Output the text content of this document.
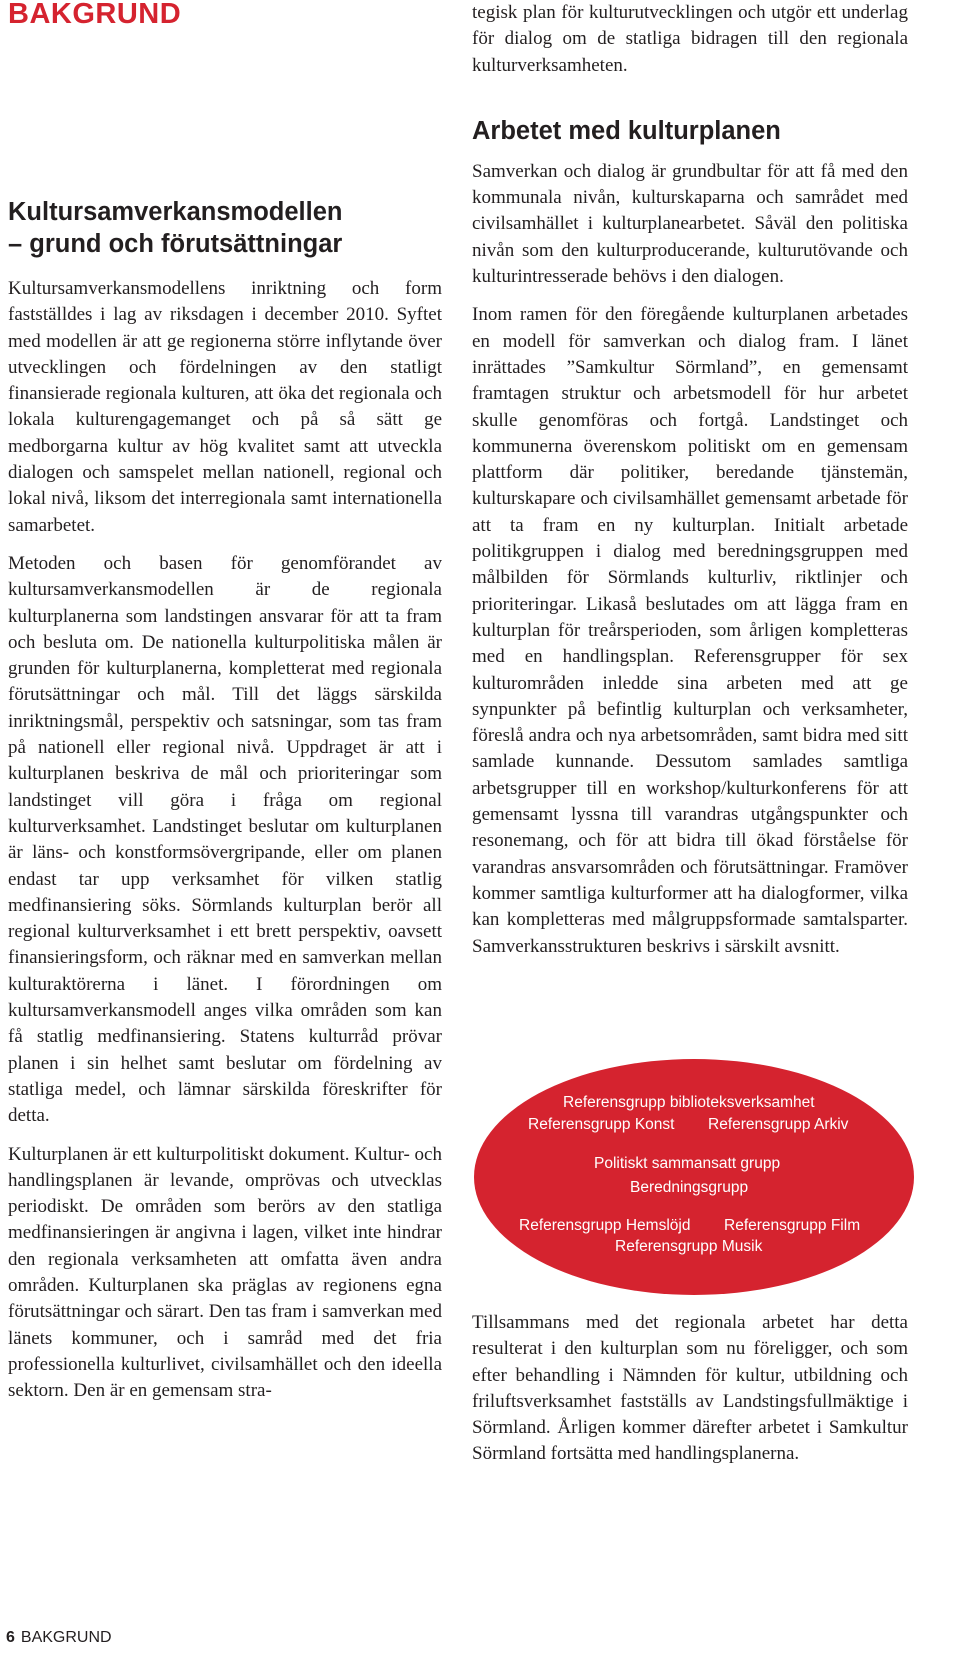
BAKGRUND
Kultursamverkansmodellen
– grund och förutsättningar

Kultursamverkansmodellens inriktning och form fastställdes i lag av riksdagen i december 2010. Syftet med modellen är att ge regionerna större inflytande över utvecklingen och fördelningen av den statligt finansierade regionala kulturen, att öka det regionala och lokala kulturengagemanget och på så sätt ge medborgarna kultur av hög kvalitet samt att utveckla dialogen och samspelet mellan nationell, regional och lokal nivå, liksom det interregionala samt internationella samarbetet.

Metoden och basen för genomförandet av kultursamverkansmodellen är de regionala kulturplanerna som landstingen ansvarar för att ta fram och besluta om. De nationella kulturpolitiska målen är grunden för kulturplanerna, kompletterat med regionala förutsättningar och mål. Till det läggs särskilda inriktningsmål, perspektiv och satsningar, som tas fram på nationell eller regional nivå. Uppdraget är att i kulturplanen beskriva de mål och prioriteringar som landstinget vill göra i fråga om regional kulturverksamhet. Landstinget beslutar om kulturplanen är läns- och konstformsövergripande, eller om planen endast tar upp verksamhet för vilken statlig medfinansiering söks. Sörmlands kulturplan berör all regional kulturverksamhet i ett brett perspektiv, oavsett finansieringsform, och räknar med en samverkan mellan kulturaktörerna i länet. I förordningen om kultursamverkansmodell anges vilka områden som kan få statlig medfinansiering. Statens kulturråd prövar planen i sin helhet samt beslutar om fördelning av statliga medel, och lämnar särskilda föreskrifter för detta.

Kulturplanen är ett kulturpolitiskt dokument. Kultur- och handlingsplanen är levande, omprövas och utvecklas periodiskt. De områden som berörs av den statliga medfinansieringen är angivna i lagen, vilket inte hindrar den regionala verksamheten att omfatta även andra områden. Kulturplanen ska präglas av regionens egna förutsättningar och särart. Den tas fram i samverkan med länets kommuner, och i samråd med det fria professionella kulturlivet, civilsamhället och den ideella sektorn. Den är en gemensam stra-

tegisk plan för kulturutvecklingen och utgör ett underlag för dialog om de statliga bidragen till den regionala kulturverksamheten.

Arbetet med kulturplanen

Samverkan och dialog är grundbultar för att få med den kommunala nivån, kulturskaparna och samrådet med civilsamhället i kulturplanearbetet. Såväl den politiska nivån som den kulturproducerande, kulturutövande och kulturintresserade behövs i den dialogen.

Inom ramen för den föregående kulturplanen arbetades en modell för samverkan och dialog fram. I länet inrättades ”Samkultur Sörmland”, en gemensamt framtagen struktur och arbetsmodell för hur arbetet skulle genomföras och fortgå. Landstinget och kommunerna överenskom politiskt om en gemensam plattform där politiker, beredande tjänstemän, kulturskapare och civilsamhället gemensamt arbetade för att ta fram en ny kulturplan. Initialt arbetade politikgruppen i dialog med beredningsgruppen med målbilden för Sörmlands kulturliv, riktlinjer och prioriteringar. Likaså beslutades om att lägga fram en kulturplan för treårsperioden, som årligen kompletteras med en handlingsplan. Referensgrupper för sex kulturområden inledde sina arbeten med att ge synpunkter på befintlig kulturplan och verksamheter, föreslå andra och nya arbetsområden, samt bidra med sitt samlade kunnande. Dessutom samlades samtliga arbetsgrupper till en workshop/kulturkonferens för att gemensamt lyssna till varandras utgångspunkter och resonemang, och för att bidra till ökad förståelse för varandras ansvarsområden och förutsättningar. Framöver kommer samtliga kulturformer att ha dialogformer, vilka kan kompletteras med målgruppsformade samtalsparter. Samverkansstrukturen beskrivs i särskilt avsnitt.

Referensgrupp biblioteksverksamhet
Referensgrupp Konst Referensgrupp Arkiv
Politiskt sammansatt grupp
Beredningsgrupp
Referensgrupp Hemslöjd Referensgrupp Film
Referensgrupp Musik

Tillsammans med det regionala arbetet har detta resulterat i den kulturplan som nu föreligger, och som efter behandling i Nämnden för kultur, utbildning och friluftsverksamhet fastställs av Landstingsfullmäktige i Sörmland. Årligen kommer därefter arbetet i Samkultur Sörmland fortsätta med handlingsplanerna.

6 BAKGRUND
